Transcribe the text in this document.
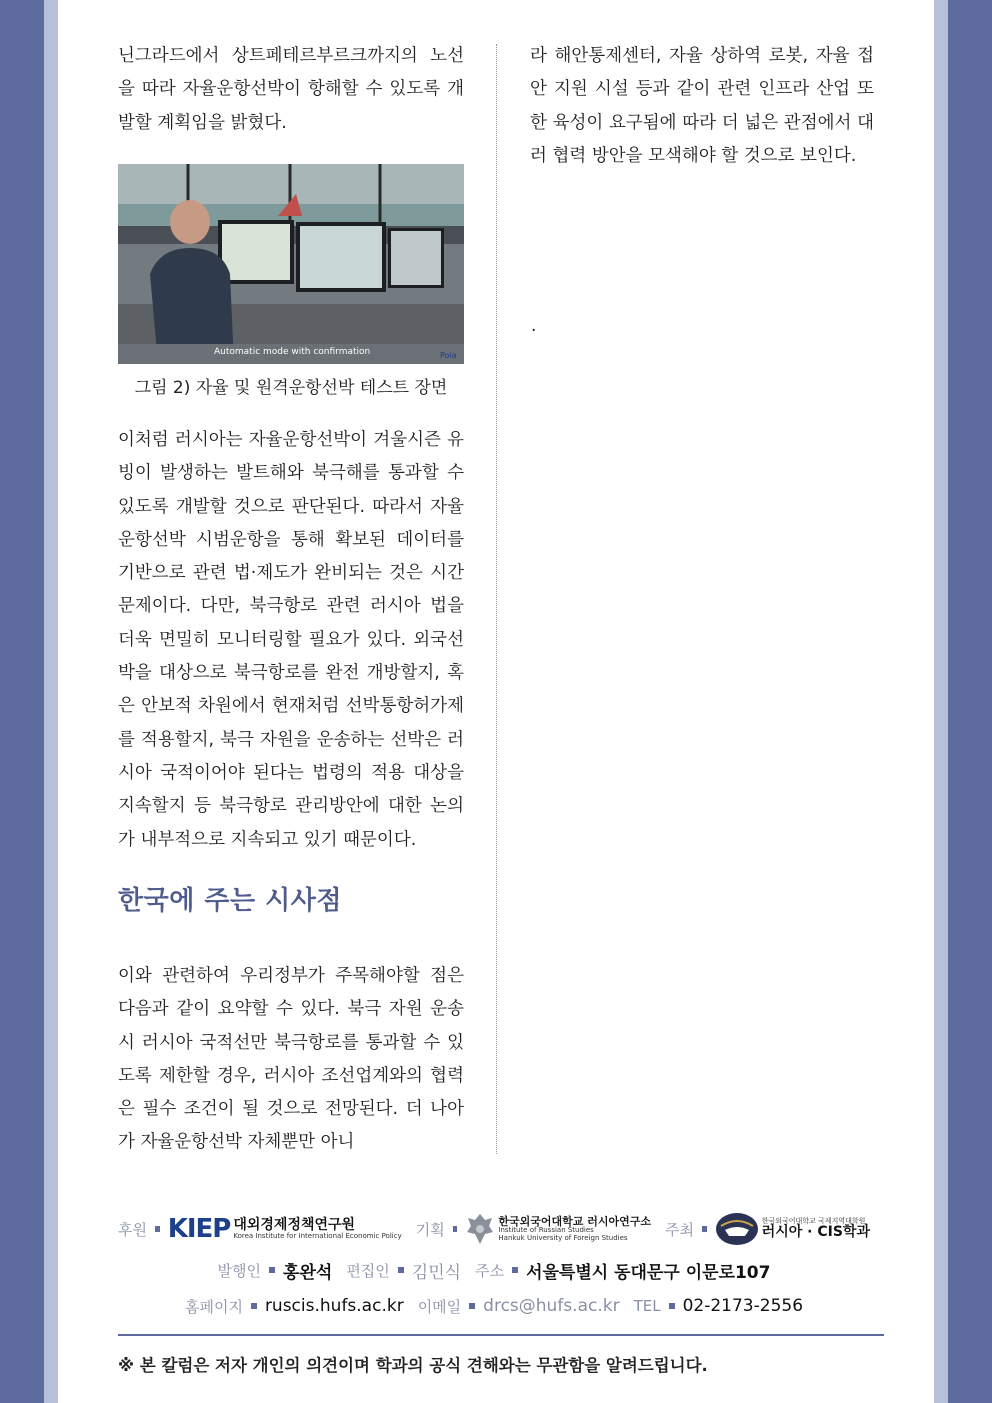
닌그라드에서 상트페테르부르크까지의 노선을 따라 자율운항선박이 항해할 수 있도록 개발할 계획임을 밝혔다.

Automatic mode with confirmation	Pola
그림 2) 자율 및 원격운항선박 테스트 장면

이처럼 러시아는 자율운항선박이 겨울시즌 유빙이 발생하는 발트해와 북극해를 통과할 수 있도록 개발할 것으로 판단된다. 따라서 자율운항선박 시범운항을 통해 확보된 데이터를 기반으로 관련 법·제도가 완비되는 것은 시간문제이다. 다만, 북극항로 관련 러시아 법을 더욱 면밀히 모니터링할 필요가 있다. 외국선박을 대상으로 북극항로를 완전 개방할지, 혹은 안보적 차원에서 현재처럼 선박통항허가제를 적용할지, 북극 자원을 운송하는 선박은 러시아 국적이어야 된다는 법령의 적용 대상을 지속할지 등 북극항로 관리방안에 대한 논의가 내부적으로 지속되고 있기 때문이다.

한국에 주는 시사점

이와 관련하여 우리정부가 주목해야할 점은 다음과 같이 요약할 수 있다. 북극 자원 운송 시 러시아 국적선만 북극항로를 통과할 수 있도록 제한할 경우, 러시아 조선업계와의 협력은 필수 조건이 될 것으로 전망된다. 더 나아가 자율운항선박 자체뿐만 아니

라 해안통제센터, 자율 상하역 로봇, 자율 접안 지원 시설 등과 같이 관련 인프라 산업 또한 육성이 요구됨에 따라 더 넓은 관점에서 대러 협력 방안을 모색해야 할 것으로 보인다.

.
후원 KIEP 대외경제정책연구원
Korea Institute for International Economic Policy 기획	한국외국어대학교 러시아연구소
Institute of Russian Studies
Hankuk University of Foreign Studies	주최	한국외국어대학교 국제지역대학원
러시아 · CIS학과
발행인 홍완석 편집인 김민식 주소 서울특별시 동대문구 이문로107
홈페이지 ruscis.hufs.ac.kr 이메일 drcs@hufs.ac.kr TEL 02-2173-2556
※ 본 칼럼은 저자 개인의 의견이며 학과의 공식 견해와는 무관함을 알려드립니다.
